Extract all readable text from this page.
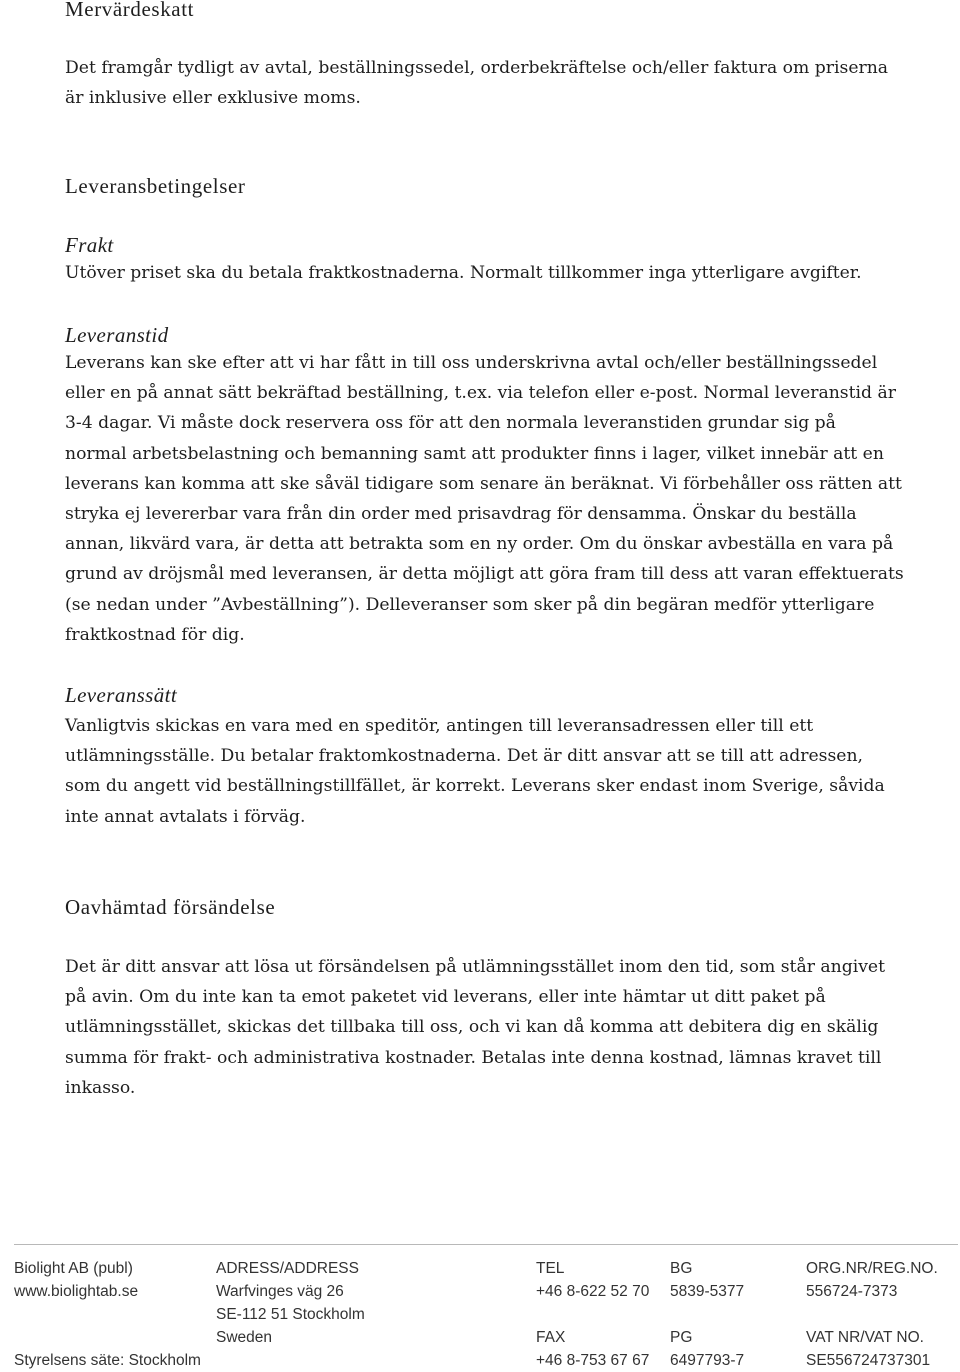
Mervärdeskatt
Det framgår tydligt av avtal, beställningssedel, orderbekräftelse och/eller faktura om priserna
är inklusive eller exklusive moms.
Leveransbetingelser
Frakt
Utöver priset ska du betala fraktkostnaderna. Normalt tillkommer inga ytterligare avgifter.
Leveranstid
Leverans kan ske efter att vi har fått in till oss underskrivna avtal och/eller beställningssedel
eller en på annat sätt bekräftad beställning, t.ex. via telefon eller e-post. Normal leveranstid är
3-4 dagar. Vi måste dock reservera oss för att den normala leveranstiden grundar sig på
normal arbetsbelastning och bemanning samt att produkter finns i lager, vilket innebär att en
leverans kan komma att ske såväl tidigare som senare än beräknat. Vi förbehåller oss rätten att
stryka ej levererbar vara från din order med prisavdrag för densamma. Önskar du beställa
annan, likvärd vara, är detta att betrakta som en ny order. Om du önskar avbeställa en vara på
grund av dröjsmål med leveransen, är detta möjligt att göra fram till dess att varan effektuerats
(se nedan under ”Avbeställning”). Delleveranser som sker på din begäran medför ytterligare
fraktkostnad för dig.
Leveranssätt
Vanligtvis skickas en vara med en speditör, antingen till leveransadressen eller till ett
utlämningsställe. Du betalar fraktomkostnaderna. Det är ditt ansvar att se till att adressen,
som du angett vid beställningstillfället, är korrekt. Leverans sker endast inom Sverige, såvida
inte annat avtalats i förväg.
Oavhämtad försändelse
Det är ditt ansvar att lösa ut försändelsen på utlämningsstället inom den tid, som står angivet
på avin. Om du inte kan ta emot paketet vid leverans, eller inte hämtar ut ditt paket på
utlämningsstället, skickas det tillbaka till oss, och vi kan då komma att debitera dig en skälig
summa för frakt- och administrativa kostnader. Betalas inte denna kostnad, lämnas kravet till
inkasso.
Biolight AB (publ)
www.biolightab.se
Styrelsens säte: Stockholm
ADRESS/ADDRESS
Warfvinges väg 26
SE-112 51 Stockholm
Sweden
TEL
+46 8-622 52 70
FAX
+46 8-753 67 67
BG
5839-5377
PG
6497793-7
ORG.NR/REG.NO.
556724-7373
VAT NR/VAT NO.
SE556724737301
